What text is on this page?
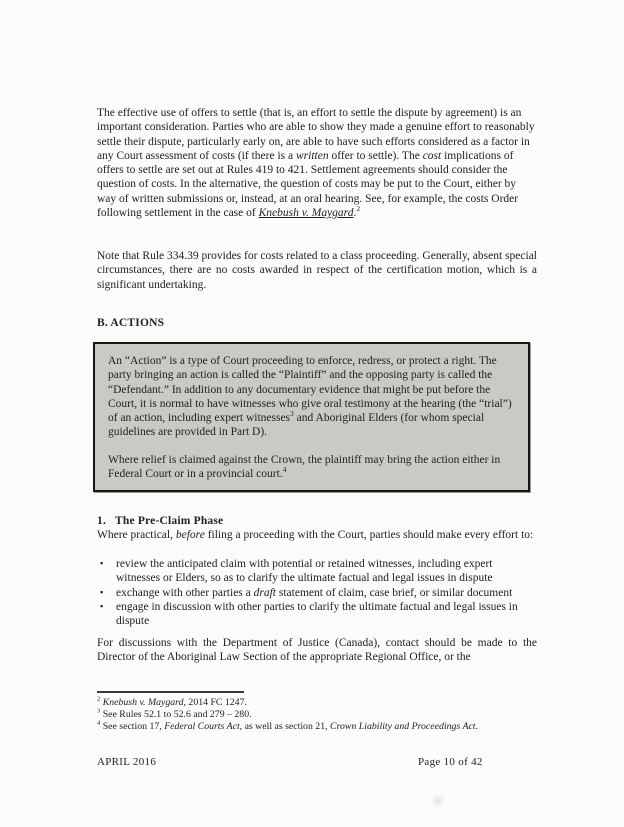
The effective use of offers to settle (that is, an effort to settle the dispute by agreement) is an important consideration. Parties who are able to show they made a genuine effort to reasonably settle their dispute, particularly early on, are able to have such efforts considered as a factor in any Court assessment of costs (if there is a written offer to settle). The cost implications of offers to settle are set out at Rules 419 to 421. Settlement agreements should consider the question of costs. In the alternative, the question of costs may be put to the Court, either by way of written submissions or, instead, at an oral hearing. See, for example, the costs Order following settlement in the case of Knebush v. Maygard.$^2$

Note that Rule 334.39 provides for costs related to a class proceeding. Generally, absent special circumstances, there are no costs awarded in respect of the certification motion, which is a significant undertaking.

B. ACTIONS

An “Action” is a type of Court proceeding to enforce, redress, or protect a right. The party bringing an action is called the “Plaintiff” and the opposing party is called the “Defendant.” In addition to any documentary evidence that might be put before the Court, it is normal to have witnesses who give oral testimony at the hearing (the “trial”) of an action, including expert witnesses$^3$ and Aboriginal Elders (for whom special guidelines are provided in Part D).

Where relief is claimed against the Crown, the plaintiff may bring the action either in Federal Court or in a provincial court.$^4$

1. The Pre-Claim Phase

Where practical, before filing a proceeding with the Court, parties should make every effort to:

▪ review the anticipated claim with potential or retained witnesses, including expert witnesses or Elders, so as to clarify the ultimate factual and legal issues in dispute
▪ exchange with other parties a draft statement of claim, case brief, or similar document
▪ engage in discussion with other parties to clarify the ultimate factual and legal issues in dispute

For discussions with the Department of Justice (Canada), contact should be made to the Director of the Aboriginal Law Section of the appropriate Regional Office, or the

$^2$ Knebush v. Maygard, 2014 FC 1247.

$^3$ See Rules 52.1 to 52.6 and 279 – 280.

$^4$ See section 17, Federal Courts Act, as well as section 21, Crown Liability and Proceedings Act.

APRIL 2016	Page 10 of 42
